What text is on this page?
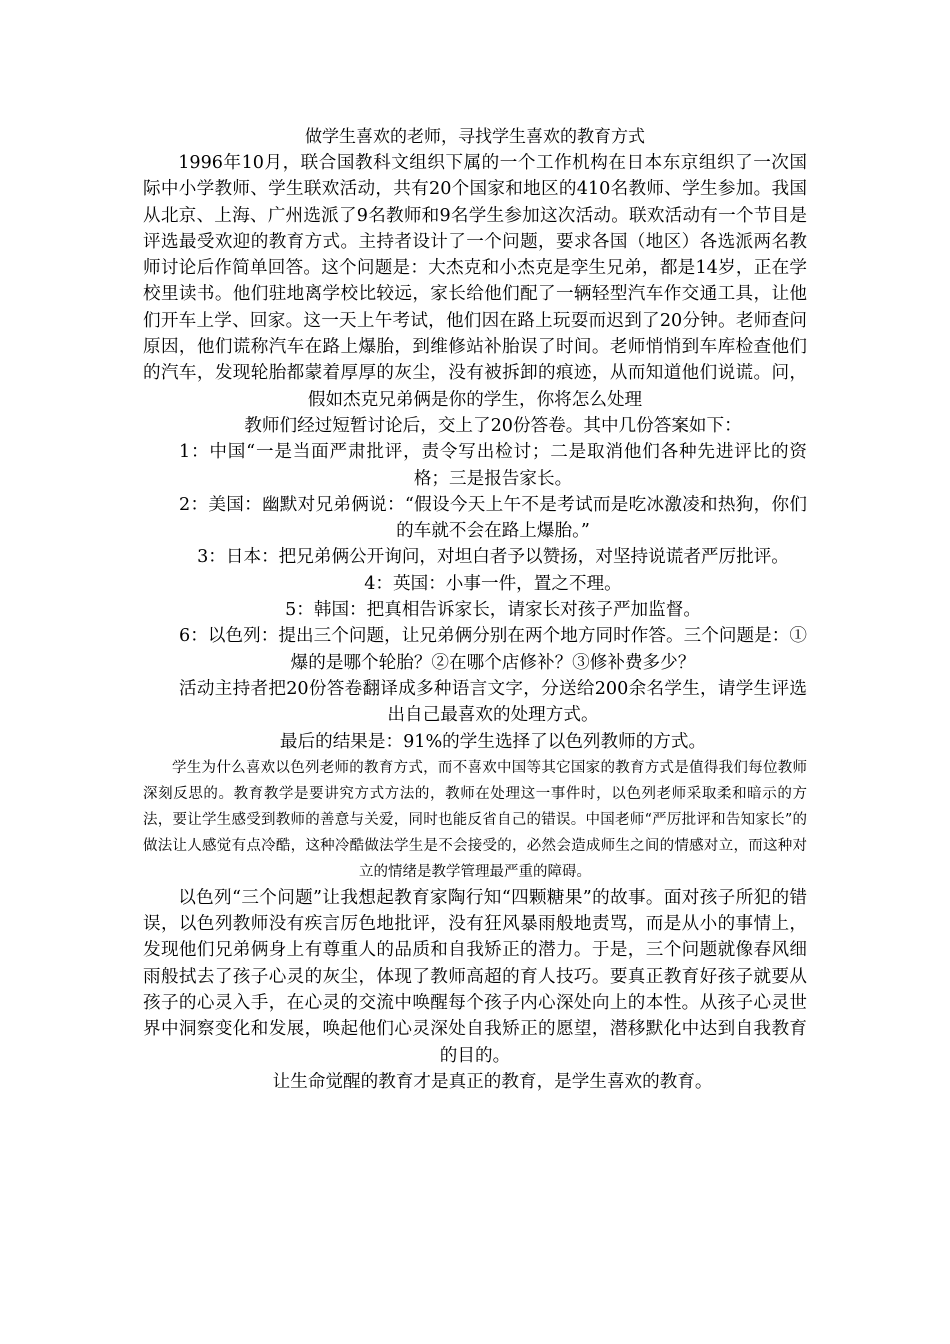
做学生喜欢的老师，寻找学生喜欢的教育方式

1996年10月，联合国教科文组织下属的一个工作机构在日本东京组织了一次国际中小学教师、学生联欢活动，共有20个国家和地区的410名教师、学生参加。我国从北京、上海、广州选派了9名教师和9名学生参加这次活动。联欢活动有一个节目是评选最受欢迎的教育方式。主持者设计了一个问题，要求各国（地区）各选派两名教师讨论后作简单回答。这个问题是：大杰克和小杰克是孪生兄弟，都是14岁，正在学校里读书。他们驻地离学校比较远，家长给他们配了一辆轻型汽车作交通工具，让他们开车上学、回家。这一天上午考试，他们因在路上玩耍而迟到了20分钟。老师查问原因，他们谎称汽车在路上爆胎，到维修站补胎误了时间。老师悄悄到车库检查他们的汽车，发现轮胎都蒙着厚厚的灰尘，没有被拆卸的痕迹，从而知道他们说谎。问，假如杰克兄弟俩是你的学生，你将怎么处理

教师们经过短暂讨论后，交上了20份答卷。其中几份答案如下：

1：中国“一是当面严肃批评，责令写出检讨；二是取消他们各种先进评比的资格；三是报告家长。

2：美国：幽默对兄弟俩说：“假设今天上午不是考试而是吃冰激凌和热狗，你们的车就不会在路上爆胎。”

3：日本：把兄弟俩公开询问，对坦白者予以赞扬，对坚持说谎者严厉批评。

4：英国：小事一件，置之不理。

5：韩国：把真相告诉家长，请家长对孩子严加监督。

6：以色列：提出三个问题，让兄弟俩分别在两个地方同时作答。三个问题是：①爆的是哪个轮胎？②在哪个店修补？③修补费多少？

活动主持者把20份答卷翻译成多种语言文字，分送给200余名学生，请学生评选出自己最喜欢的处理方式。

最后的结果是：91%的学生选择了以色列教师的方式。

学生为什么喜欢以色列老师的教育方式，而不喜欢中国等其它国家的教育方式是值得我们每位教师深刻反思的。教育教学是要讲究方式方法的，教师在处理这一事件时，以色列老师采取柔和暗示的方法，要让学生感受到教师的善意与关爱，同时也能反省自己的错误。中国老师“严厉批评和告知家长”的做法让人感觉有点冷酷，这种冷酷做法学生是不会接受的，必然会造成师生之间的情感对立，而这种对立的情绪是教学管理最严重的障碍。

以色列“三个问题”让我想起教育家陶行知“四颗糖果”的故事。面对孩子所犯的错误，以色列教师没有疾言厉色地批评，没有狂风暴雨般地责骂，而是从小的事情上，发现他们兄弟俩身上有尊重人的品质和自我矫正的潜力。于是，三个问题就像春风细雨般拭去了孩子心灵的灰尘，体现了教师高超的育人技巧。要真正教育好孩子就要从孩子的心灵入手，在心灵的交流中唤醒每个孩子内心深处向上的本性。从孩子心灵世界中洞察变化和发展，唤起他们心灵深处自我矫正的愿望，潜移默化中达到自我教育的目的。

让生命觉醒的教育才是真正的教育，是学生喜欢的教育。
